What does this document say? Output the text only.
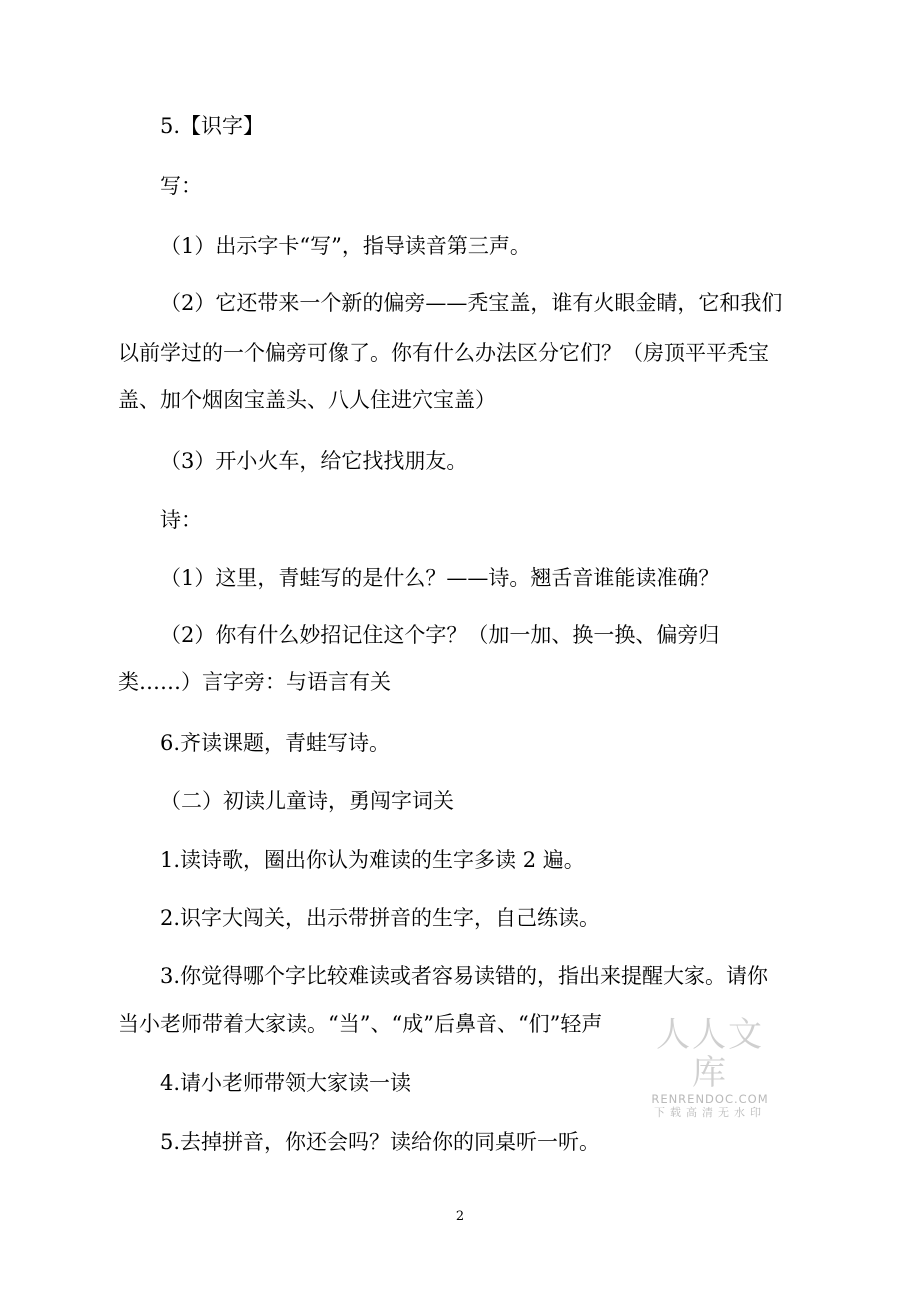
5.【识字】
写：
（1）出示字卡“写”，指导读音第三声。
（2）它还带来一个新的偏旁——秃宝盖，谁有火眼金睛，它和我们
以前学过的一个偏旁可像了。你有什么办法区分它们？（房顶平平秃宝
盖、加个烟囱宝盖头、八人住进穴宝盖）
（3）开小火车，给它找找朋友。
诗：
（1）这里，青蛙写的是什么？——诗。翘舌音谁能读准确？
（2）你有什么妙招记住这个字？（加一加、换一换、偏旁归
类……）言字旁：与语言有关
6.齐读课题，青蛙写诗。
（二）初读儿童诗，勇闯字词关
1.读诗歌，圈出你认为难读的生字多读 2 遍。
2.识字大闯关，出示带拼音的生字，自己练读。
3.你觉得哪个字比较难读或者容易读错的，指出来提醒大家。请你
当小老师带着大家读。“当”、“成”后鼻音、“们”轻声
4.请小老师带领大家读一读
5.去掉拼音，你还会吗？读给你的同桌听一听。
人人文库
RENRENDOC.COM
下载高清无水印
2
